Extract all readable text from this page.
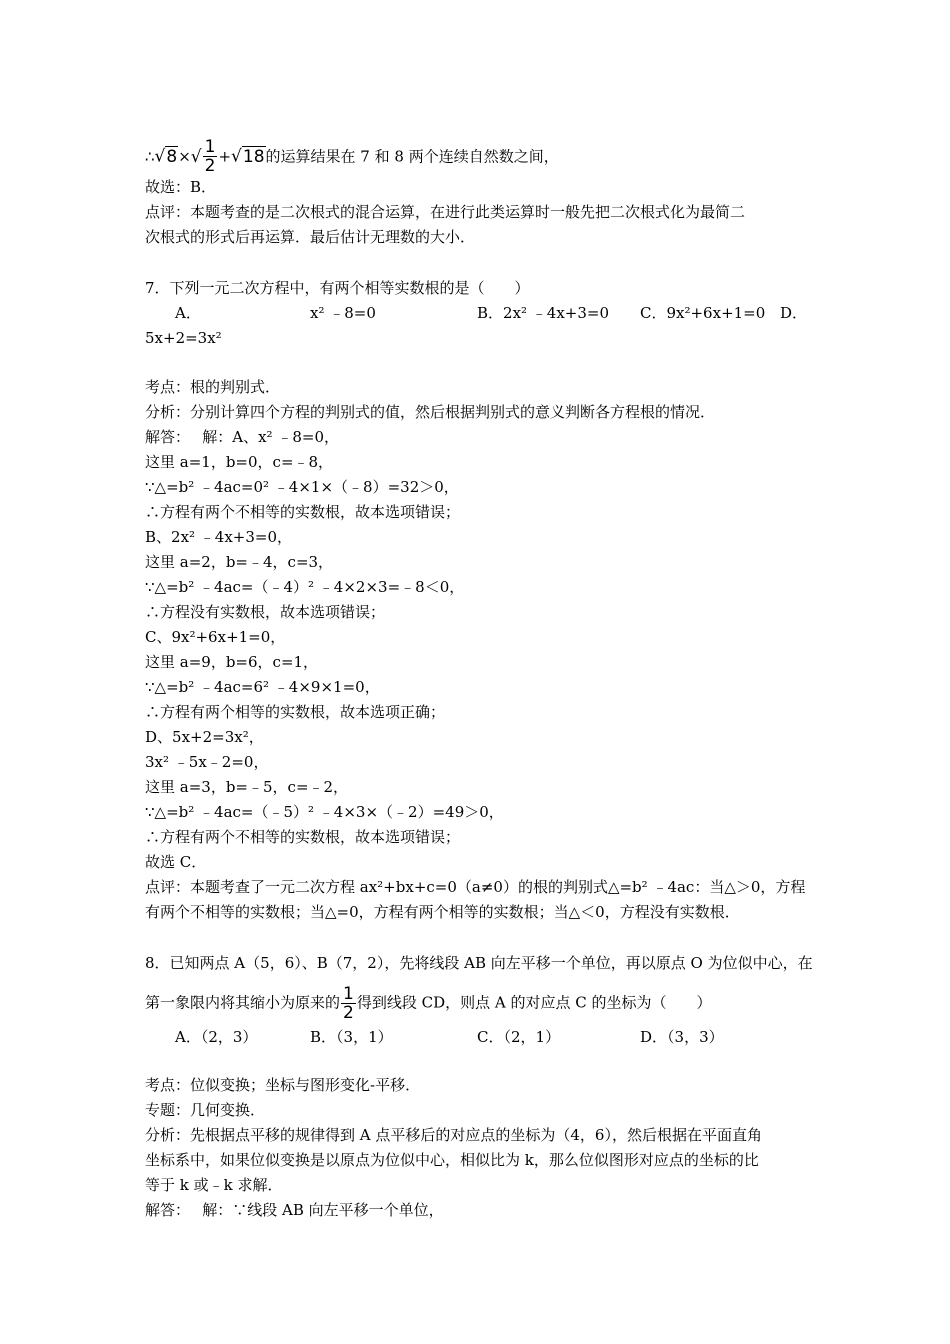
∴√8×√ $\frac{1}{2} +√18$的运算结果在 7 和 8 两个连续自然数之间，
故选：B．
点评：本题考查的是二次根式的混合运算，在进行此类运算时一般先把二次根式化为最简二
次根式的形式后再运算．最后估计无理数的大小．
7．下列一元二次方程中，有两个相等实数根的是（　　）
A．	x² ﹣8=0	B．2x² ﹣4x+3=0 C．9x²+6x+1=0 D．
5x+2=3x²
考点：根的判别式．
分析：分别计算四个方程的判别式的值，然后根据判别式的意义判断各方程根的情况．
解答：　 解：A、x² ﹣8=0，
这里 a=1，b=0，c=﹣8，
∵△=b² ﹣4ac=0² ﹣4×1×（﹣8）=32＞0，
∴方程有两个不相等的实数根，故本选项错误；
B、2x² ﹣4x+3=0，
这里 a=2，b=﹣4，c=3，
∵△=b² ﹣4ac=（﹣4）² ﹣4×2×3=﹣8＜0，
∴方程没有实数根，故本选项错误；
C、9x²+6x+1=0，
这里 a=9，b=6，c=1，
∵△=b² ﹣4ac=6² ﹣4×9×1=0，
∴方程有两个相等的实数根，故本选项正确；
D、5x+2=3x²，
3x² ﹣5x﹣2=0，
这里 a=3，b=﹣5，c=﹣2，
∵△=b² ﹣4ac=（﹣5）² ﹣4×3×（﹣2）=49＞0，
∴方程有两个不相等的实数根，故本选项错误；
故选 C．
点评：本题考查了一元二次方程 ax²+bx+c=0（a≠0）的根的判别式△=b² ﹣4ac：当△＞0，方程
有两个不相等的实数根；当△=0，方程有两个相等的实数根；当△＜0，方程没有实数根．
8．已知两点 A（5，6）、B（7，2），先将线段 AB 向左平移一个单位，再以原点 O 为位似中心，在
第一象限内将其缩小为原来的 $\frac{1}{2}$ 得到线段 CD，则点 A 的对应点 C 的坐标为（　　）
A．（2，3）	B．（3，1）	C．（2，1）	D．（3，3）
考点：位似变换；坐标与图形变化-平移．
专题：几何变换．
分析：先根据点平移的规律得到 A 点平移后的对应点的坐标为（4，6），然后根据在平面直角
坐标系中，如果位似变换是以原点为位似中心，相似比为 k，那么位似图形对应点的坐标的比
等于 k 或﹣k 求解．
解答：　 解：∵线段 AB 向左平移一个单位，
